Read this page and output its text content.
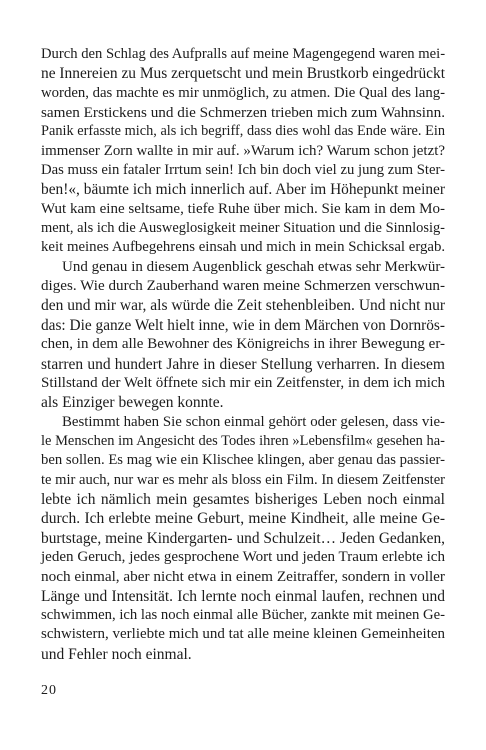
Durch den Schlag des Aufpralls auf meine Magengegend waren mei-
ne Innereien zu Mus zerquetscht und mein Brustkorb eingedrückt
worden, das machte es mir unmöglich, zu atmen. Die Qual des lang-
samen Erstickens und die Schmerzen trieben mich zum Wahnsinn.
Panik erfasste mich, als ich begriff, dass dies wohl das Ende wäre. Ein
immenser Zorn wallte in mir auf. »Warum ich? Warum schon jetzt?
Das muss ein fataler Irrtum sein! Ich bin doch viel zu jung zum Ster-
ben!«, bäumte ich mich innerlich auf. Aber im Höhepunkt meiner
Wut kam eine seltsame, tiefe Ruhe über mich. Sie kam in dem Mo-
ment, als ich die Ausweglosigkeit meiner Situation und die Sinnlosig-
keit meines Aufbegehrens einsah und mich in mein Schicksal ergab.
Und genau in diesem Augenblick geschah etwas sehr Merkwür-
diges. Wie durch Zauberhand waren meine Schmerzen verschwun-
den und mir war, als würde die Zeit stehenbleiben. Und nicht nur
das: Die ganze Welt hielt inne, wie in dem Märchen von Dornrös-
chen, in dem alle Bewohner des Königreichs in ihrer Bewegung er-
starren und hundert Jahre in dieser Stellung verharren. In diesem
Stillstand der Welt öffnete sich mir ein Zeitfenster, in dem ich mich
als Einziger bewegen konnte.
Bestimmt haben Sie schon einmal gehört oder gelesen, dass vie-
le Menschen im Angesicht des Todes ihren »Lebensfilm« gesehen ha-
ben sollen. Es mag wie ein Klischee klingen, aber genau das passier-
te mir auch, nur war es mehr als bloss ein Film. In diesem Zeitfenster
lebte ich nämlich mein gesamtes bisheriges Leben noch einmal
durch. Ich erlebte meine Geburt, meine Kindheit, alle meine Ge-
burtstage, meine Kindergarten- und Schulzeit… Jeden Gedanken,
jeden Geruch, jedes gesprochene Wort und jeden Traum erlebte ich
noch einmal, aber nicht etwa in einem Zeitraffer, sondern in voller
Länge und Intensität. Ich lernte noch einmal laufen, rechnen und
schwimmen, ich las noch einmal alle Bücher, zankte mit meinen Ge-
schwistern, verliebte mich und tat alle meine kleinen Gemeinheiten
und Fehler noch einmal.
20
